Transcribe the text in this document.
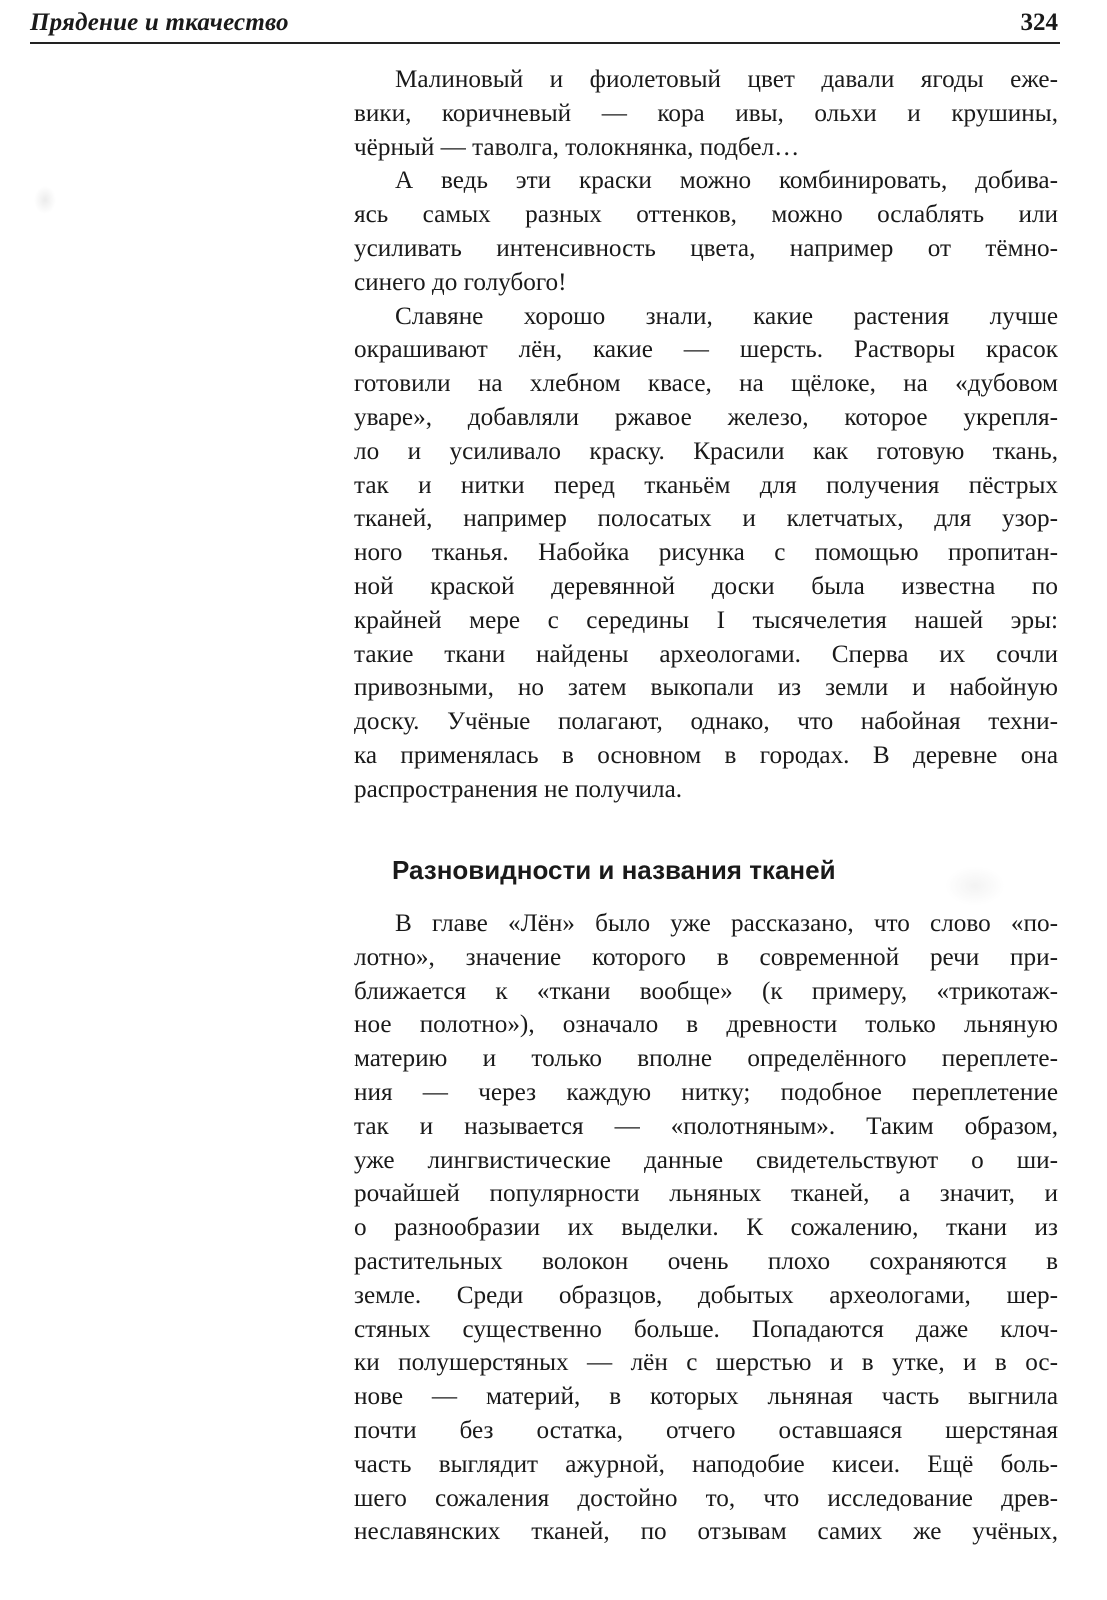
Прядение и ткачество	324
Малиновый и фиолетовый цвет давали ягоды еже-
вики, коричневый — кора ивы, ольхи и крушины,
чёрный — таволга, толокнянка, подбел…
А ведь эти краски можно комбинировать, добива-
ясь самых разных оттенков, можно ослаблять или
усиливать интенсивность цвета, например от тёмно-
синего до голубого!
Славяне хорошо знали, какие растения лучше
окрашивают лён, какие — шерсть. Растворы красок
готовили на хлебном квасе, на щёлоке, на «дубовом
уваре», добавляли ржавое железо, которое укрепля-
ло и усиливало краску. Красили как готовую ткань,
так и нитки перед тканьём для получения пёстрых
тканей, например полосатых и клетчатых, для узор-
ного тканья. Набойка рисунка с помощью пропитан-
ной краской деревянной доски была известна по
крайней мере с середины I тысячелетия нашей эры:
такие ткани найдены археологами. Сперва их сочли
привозными, но затем выкопали из земли и набойную
доску. Учёные полагают, однако, что набойная техни-
ка применялась в основном в городах. В деревне она
распространения не получила.
Разновидности и названия тканей
В главе «Лён» было уже рассказано, что слово «по-
лотно», значение которого в современной речи при-
ближается к «ткани вообще» (к примеру, «трикотаж-
ное полотно»), означало в древности только льняную
материю и только вполне определённого переплете-
ния — через каждую нитку; подобное переплетение
так и называется — «полотняным». Таким образом,
уже лингвистические данные свидетельствуют о ши-
рочайшей популярности льняных тканей, а значит, и
о разнообразии их выделки. К сожалению, ткани из
растительных волокон очень плохо сохраняются в
земле. Среди образцов, добытых археологами, шер-
стяных существенно больше. Попадаются даже клоч-
ки полушерстяных — лён с шерстью и в утке, и в ос-
нове — материй, в которых льняная часть выгнила
почти без остатка, отчего оставшаяся шерстяная
часть выглядит ажурной, наподобие кисеи. Ещё боль-
шего сожаления достойно то, что исследование древ-
неславянских тканей, по отзывам самих же учёных,
